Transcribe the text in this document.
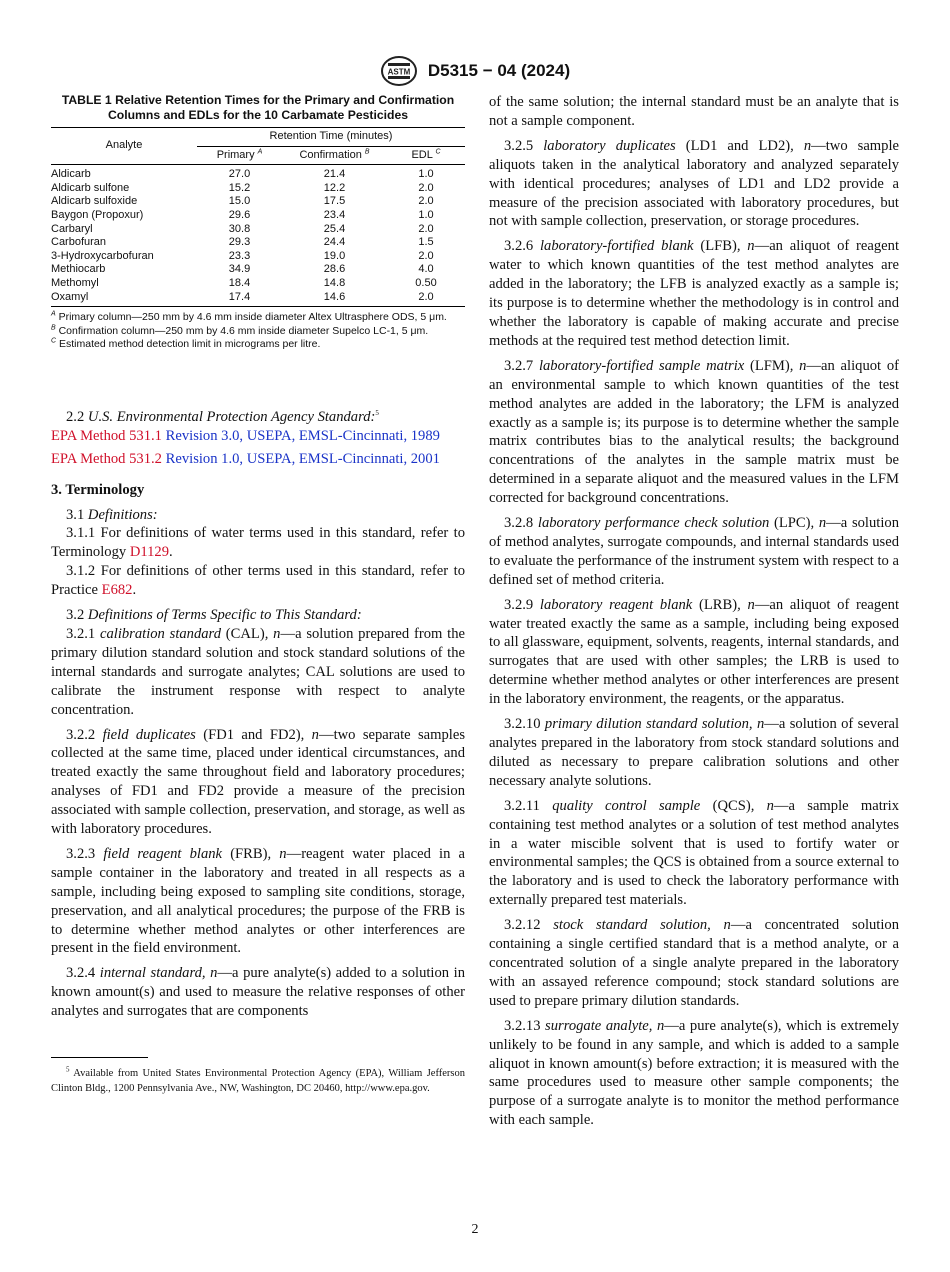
ASTM D5315 − 04 (2024)
TABLE 1 Relative Retention Times for the Primary and Confirmation Columns and EDLs for the 10 Carbamate Pesticides
Analyte	Retention Time (minutes)		
	Primary $^A$	Confirmation $^B$	EDL $^C$
Aldicarb	27.0	21.4	1.0
Aldicarb sulfone	15.2	12.2	2.0
Aldicarb sulfoxide	15.0	17.5	2.0
Baygon (Propoxur)	29.6	23.4	1.0
Carbaryl	30.8	25.4	2.0
Carbofuran	29.3	24.4	1.5
3-Hydroxycarbofuran	23.3	19.0	2.0
Methiocarb	34.9	28.6	4.0
Methomyl	18.4	14.8	0.50
Oxamyl	17.4	14.6	2.0

$^A$ Primary column—250 mm by 4.6 mm inside diameter Altex Ultrasphere ODS, 5 μm.

$^B$ Confirmation column—250 mm by 4.6 mm inside diameter Supelco LC-1, 5 μm.

$^C$ Estimated method detection limit in micrograms per litre.

2.2 U.S. Environmental Protection Agency Standard:$^5$

EPA Method 531.1 Revision 3.0, USEPA, EMSL-Cincinnati, 1989

EPA Method 531.2 Revision 1.0, USEPA, EMSL-Cincinnati, 2001

3. Terminology

3.1 Definitions:

3.1.1 For definitions of water terms used in this standard, refer to Terminology D1129.

3.1.2 For definitions of other terms used in this standard, refer to Practice E682.

3.2 Definitions of Terms Specific to This Standard:

3.2.1 calibration standard (CAL), n—a solution prepared from the primary dilution standard solution and stock standard solutions of the internal standards and surrogate analytes; CAL solutions are used to calibrate the instrument response with respect to analyte concentration.

3.2.2 field duplicates (FD1 and FD2), n—two separate samples collected at the same time, placed under identical circumstances, and treated exactly the same throughout field and laboratory procedures; analyses of FD1 and FD2 provide a measure of the precision associated with sample collection, preservation, and storage, as well as with laboratory procedures.

3.2.3 field reagent blank (FRB), n—reagent water placed in a sample container in the laboratory and treated in all respects as a sample, including being exposed to sampling site conditions, storage, preservation, and all analytical procedures; the purpose of the FRB is to determine whether method analytes or other interferences are present in the field environment.

3.2.4 internal standard, n—a pure analyte(s) added to a solution in known amount(s) and used to measure the relative responses of other analytes and surrogates that are components

$^5$ Available from United States Environmental Protection Agency (EPA), William Jefferson Clinton Bldg., 1200 Pennsylvania Ave., NW, Washington, DC 20460, http://www.epa.gov.

of the same solution; the internal standard must be an analyte that is not a sample component.

3.2.5 laboratory duplicates (LD1 and LD2), n—two sample aliquots taken in the analytical laboratory and analyzed separately with identical procedures; analyses of LD1 and LD2 provide a measure of the precision associated with laboratory procedures, but not with sample collection, preservation, or storage procedures.

3.2.6 laboratory-fortified blank (LFB), n—an aliquot of reagent water to which known quantities of the test method analytes are added in the laboratory; the LFB is analyzed exactly as a sample is; its purpose is to determine whether the methodology is in control and whether the laboratory is capable of making accurate and precise methods at the required test method detection limit.

3.2.7 laboratory-fortified sample matrix (LFM), n—an aliquot of an environmental sample to which known quantities of the test method analytes are added in the laboratory; the LFM is analyzed exactly as a sample is; its purpose is to determine whether the sample matrix contributes bias to the analytical results; the background concentrations of the analytes in the sample matrix must be determined in a separate aliquot and the measured values in the LFM corrected for background concentrations.

3.2.8 laboratory performance check solution (LPC), n—a solution of method analytes, surrogate compounds, and internal standards used to evaluate the performance of the instrument system with respect to a defined set of method criteria.

3.2.9 laboratory reagent blank (LRB), n—an aliquot of reagent water treated exactly the same as a sample, including being exposed to all glassware, equipment, solvents, reagents, internal standards, and surrogates that are used with other samples; the LRB is used to determine whether method analytes or other interferences are present in the laboratory environment, the reagents, or the apparatus.

3.2.10 primary dilution standard solution, n—a solution of several analytes prepared in the laboratory from stock standard solutions and diluted as necessary to prepare calibration solutions and other necessary analyte solutions.

3.2.11 quality control sample (QCS), n—a sample matrix containing test method analytes or a solution of test method analytes in a water miscible solvent that is used to fortify water or environmental samples; the QCS is obtained from a source external to the laboratory and is used to check the laboratory performance with externally prepared test materials.

3.2.12 stock standard solution, n—a concentrated solution containing a single certified standard that is a method analyte, or a concentrated solution of a single analyte prepared in the laboratory with an assayed reference compound; stock standard solutions are used to prepare primary dilution standards.

3.2.13 surrogate analyte, n—a pure analyte(s), which is extremely unlikely to be found in any sample, and which is added to a sample aliquot in known amount(s) before extraction; it is measured with the same procedures used to measure other sample components; the purpose of a surrogate analyte is to monitor the method performance with each sample.

2
